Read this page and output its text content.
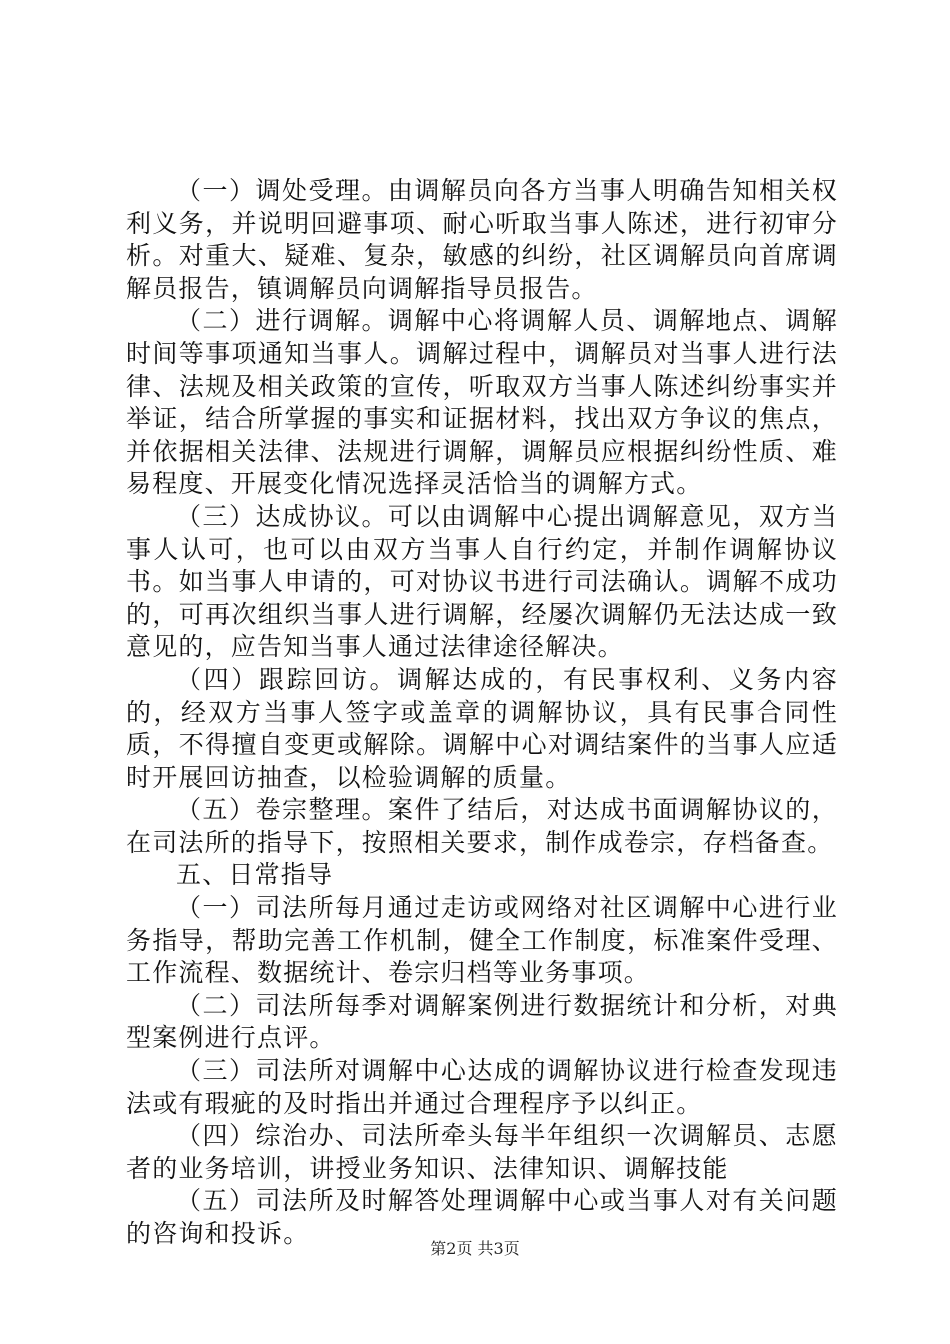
（一）调处受理。由调解员向各方当事人明确告知相关权利义务，并说明回避事项、耐心听取当事人陈述，进行初审分析。对重大、疑难、复杂，敏感的纠纷，社区调解员向首席调解员报告，镇调解员向调解指导员报告。

（二）进行调解。调解中心将调解人员、调解地点、调解时间等事项通知当事人。调解过程中，调解员对当事人进行法律、法规及相关政策的宣传，听取双方当事人陈述纠纷事实并举证，结合所掌握的事实和证据材料，找出双方争议的焦点，并依据相关法律、法规进行调解，调解员应根据纠纷性质、难易程度、开展变化情况选择灵活恰当的调解方式。

（三）达成协议。可以由调解中心提出调解意见，双方当事人认可，也可以由双方当事人自行约定，并制作调解协议书。如当事人申请的，可对协议书进行司法确认。调解不成功的，可再次组织当事人进行调解，经屡次调解仍无法达成一致意见的，应告知当事人通过法律途径解决。

（四）跟踪回访。调解达成的，有民事权利、义务内容的，经双方当事人签字或盖章的调解协议，具有民事合同性质，不得擅自变更或解除。调解中心对调结案件的当事人应适时开展回访抽查，以检验调解的质量。

（五）卷宗整理。案件了结后，对达成书面调解协议的，在司法所的指导下，按照相关要求，制作成卷宗，存档备查。

五、日常指导

（一）司法所每月通过走访或网络对社区调解中心进行业务指导，帮助完善工作机制，健全工作制度，标准案件受理、工作流程、数据统计、卷宗归档等业务事项。

（二）司法所每季对调解案例进行数据统计和分析，对典型案例进行点评。

（三）司法所对调解中心达成的调解协议进行检查发现违法或有瑕疵的及时指出并通过合理程序予以纠正。

（四）综治办、司法所牵头每半年组织一次调解员、志愿者的业务培训，讲授业务知识、法律知识、调解技能

（五）司法所及时解答处理调解中心或当事人对有关问题的咨询和投诉。

第2页 共3页
